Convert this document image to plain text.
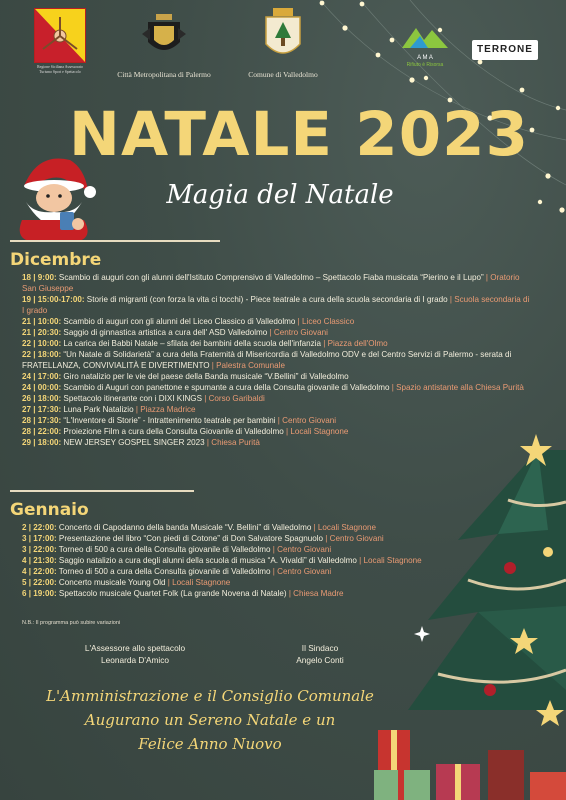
Regione Siciliana Assessorato Turismo Sport e Spettacolo	Città Metropolitana di Palermo	Comune di Valledolmo
A M A
Rifiuto è Risorsa
TERRONE
NATALE 2023
Magia del Natale
Dicembre
18 | 9:00: Scambio di auguri con gli alunni dell'Istituto Comprensivo di Valledolmo – Spettacolo Fiaba musicata “Pierino e il Lupo” | Oratorio San Giuseppe
19 | 15:00-17:00: Storie di migranti (con forza la vita ci tocchi) - Piece teatrale a cura della scuola secondaria di I grado | Scuola secondaria di I grado
21 | 10:00: Scambio di auguri con gli alunni del Liceo Classico di Valledolmo | Liceo Classico
21 | 20:30: Saggio di ginnastica artistica a cura dell' ASD Valledolmo | Centro Giovani
22 | 10:00: La carica dei Babbi Natale – sfilata dei bambini della scuola dell'infanzia | Piazza dell'Olmo
22 | 18:00: “Un Natale di Solidarietà” a cura della Fraternità di Misericordia di Valledolmo ODV e del Centro Servizi di Palermo - serata di FRATELLANZA, CONVIVIALITÀ E DIVERTIMENTO | Palestra Comunale
24 | 17:00: Giro natalizio per le vie del paese della Banda musicale “V.Bellini” di Valledolmo
24 | 00:00: Scambio di Auguri con panettone e spumante a cura della Consulta giovanile di Valledolmo | Spazio antistante alla Chiesa Purità
26 | 18:00: Spettacolo itinerante con i DIXI KINGS | Corso Garibaldi
27 | 17:30: Luna Park Natalizio | Piazza Madrice
28 | 17:30: “L'Inventore di Storie” - Intrattenimento teatrale per bambini | Centro Giovani
28 | 22:00: Proiezione Film a cura della Consulta Giovanile di Valledolmo | Locali Stagnone
29 | 18:00: NEW JERSEY GOSPEL SINGER 2023 | Chiesa Purità
Gennaio
2 | 22:00: Concerto di Capodanno della banda Musicale “V. Bellini” di Valledolmo | Locali Stagnone
3 | 17:00: Presentazione del libro “Con piedi di Cotone” di Don Salvatore Spagnuolo | Centro Giovani
3 | 22:00: Torneo di 500 a cura della Consulta giovanile di Valledolmo | Centro Giovani
4 | 21:30: Saggio natalizio a cura degli alunni della scuola di musica “A. Vivaldi” di Valledolmo | Locali Stagnone
4 | 22:00: Torneo di 500 a cura della Consulta giovanile di Valledolmo | Centro Giovani
5 | 22:00: Concerto musicale Young Old | Locali Stagnone
6 | 19:00: Spettacolo musicale Quartet Folk (La grande Novena di Natale) | Chiesa Madre
N.B.: Il programma può subire variazioni
L'Assessore allo spettacolo
Leonarda D'Amico
Il Sindaco
Angelo Conti
L'Amministrazione e il Consiglio Comunale
Augurano un Sereno Natale e un
Felice Anno Nuovo
